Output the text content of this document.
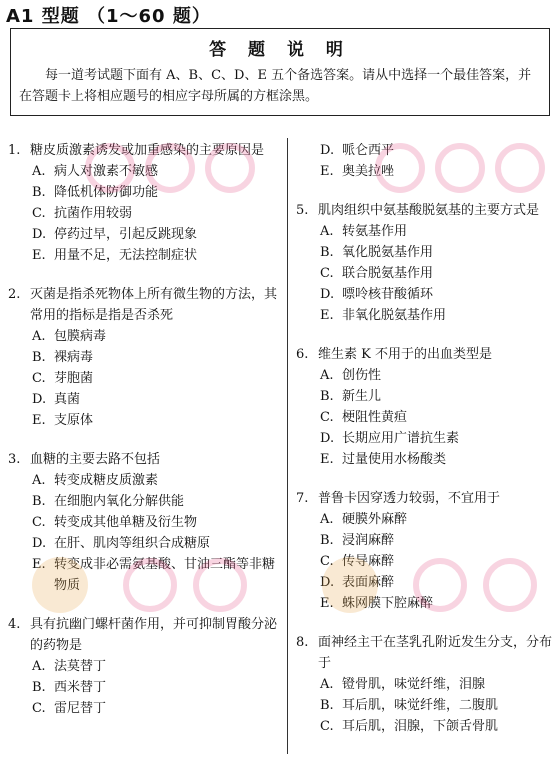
A1 型题 （1～60 题）
答 题 说 明
每一道考试题下面有 A、B、C、D、E 五个备选答案。请从中选择一个最佳答案，并在答题卡上将相应题号的相应字母所属的方框涂黑。
1. 糖皮质激素诱发或加重感染的主要原因是
A. 病人对激素不敏感
B. 降低机体防御功能
C. 抗菌作用较弱
D. 停药过早，引起反跳现象
E. 用量不足，无法控制症状
2. 灭菌是指杀死物体上所有微生物的方法，其常用的指标是指是否杀死
A. 包膜病毒
B. 裸病毒
C. 芽胞菌
D. 真菌
E. 支原体
3. 血糖的主要去路不包括
A. 转变成糖皮质激素
B. 在细胞内氧化分解供能
C. 转变成其他单糖及衍生物
D. 在肝、肌肉等组织合成糖原
E. 转变成非必需氨基酸、甘油三酯等非糖物质
4. 具有抗幽门螺杆菌作用，并可抑制胃酸分泌的药物是
A. 法莫替丁
B. 西米替丁
C. 雷尼替丁
D. 哌仑西平
E. 奥美拉唑
5. 肌肉组织中氨基酸脱氨基的主要方式是
A. 转氨基作用
B. 氧化脱氨基作用
C. 联合脱氨基作用
D. 嘌呤核苷酸循环
E. 非氧化脱氨基作用
6. 维生素 K 不用于的出血类型是
A. 创伤性
B. 新生儿
C. 梗阻性黄疸
D. 长期应用广谱抗生素
E. 过量使用水杨酸类
7. 普鲁卡因穿透力较弱，不宜用于
A. 硬膜外麻醉
B. 浸润麻醉
C. 传导麻醉
D. 表面麻醉
E. 蛛网膜下腔麻醉
8. 面神经主干在茎乳孔附近发生分支，分布于
A. 镫骨肌，味觉纤维，泪腺
B. 耳后肌，味觉纤维，二腹肌
C. 耳后肌，泪腺，下颌舌骨肌
